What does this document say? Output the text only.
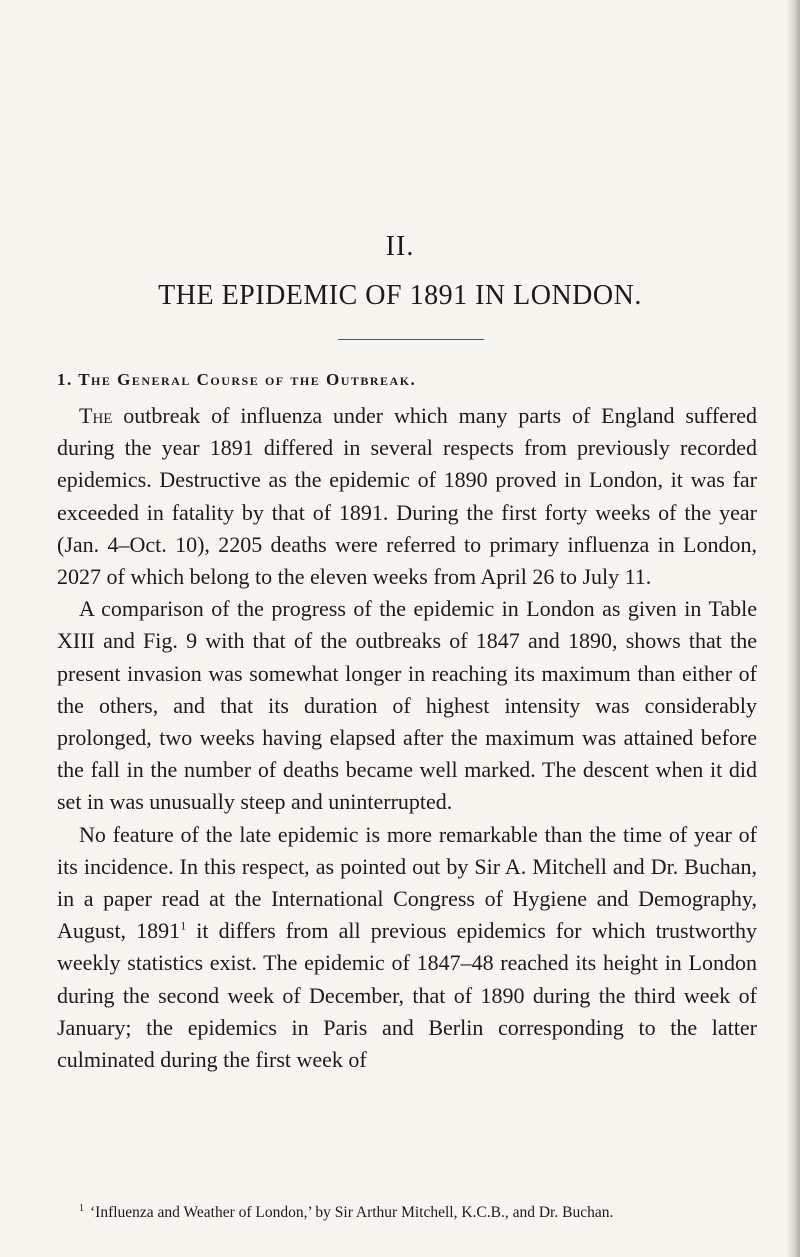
II.
THE EPIDEMIC OF 1891 IN LONDON.
1. The General Course of the Outbreak.

The outbreak of influenza under which many parts of England suffered during the year 1891 differed in several respects from previously recorded epidemics. Destructive as the epidemic of 1890 proved in London, it was far exceeded in fatality by that of 1891. During the first forty weeks of the year (Jan. 4–Oct. 10), 2205 deaths were referred to primary influenza in London, 2027 of which belong to the eleven weeks from April 26 to July 11.

A comparison of the progress of the epidemic in London as given in Table XIII and Fig. 9 with that of the outbreaks of 1847 and 1890, shows that the present invasion was somewhat longer in reaching its maximum than either of the others, and that its duration of highest intensity was considerably prolonged, two weeks having elapsed after the maximum was attained before the fall in the number of deaths became well marked. The descent when it did set in was unusually steep and uninterrupted.

No feature of the late epidemic is more remarkable than the time of year of its incidence. In this respect, as pointed out by Sir A. Mitchell and Dr. Buchan, in a paper read at the International Congress of Hygiene and Demography, August, 1891$^1$ it differs from all previous epidemics for which trustworthy weekly statistics exist. The epidemic of 1847–48 reached its height in London during the second week of December, that of 1890 during the third week of January; the epidemics in Paris and Berlin corresponding to the latter culminated during the first week of

$^1$ ‘Influenza and Weather of London,’ by Sir Arthur Mitchell, K.C.B., and Dr. Buchan.
